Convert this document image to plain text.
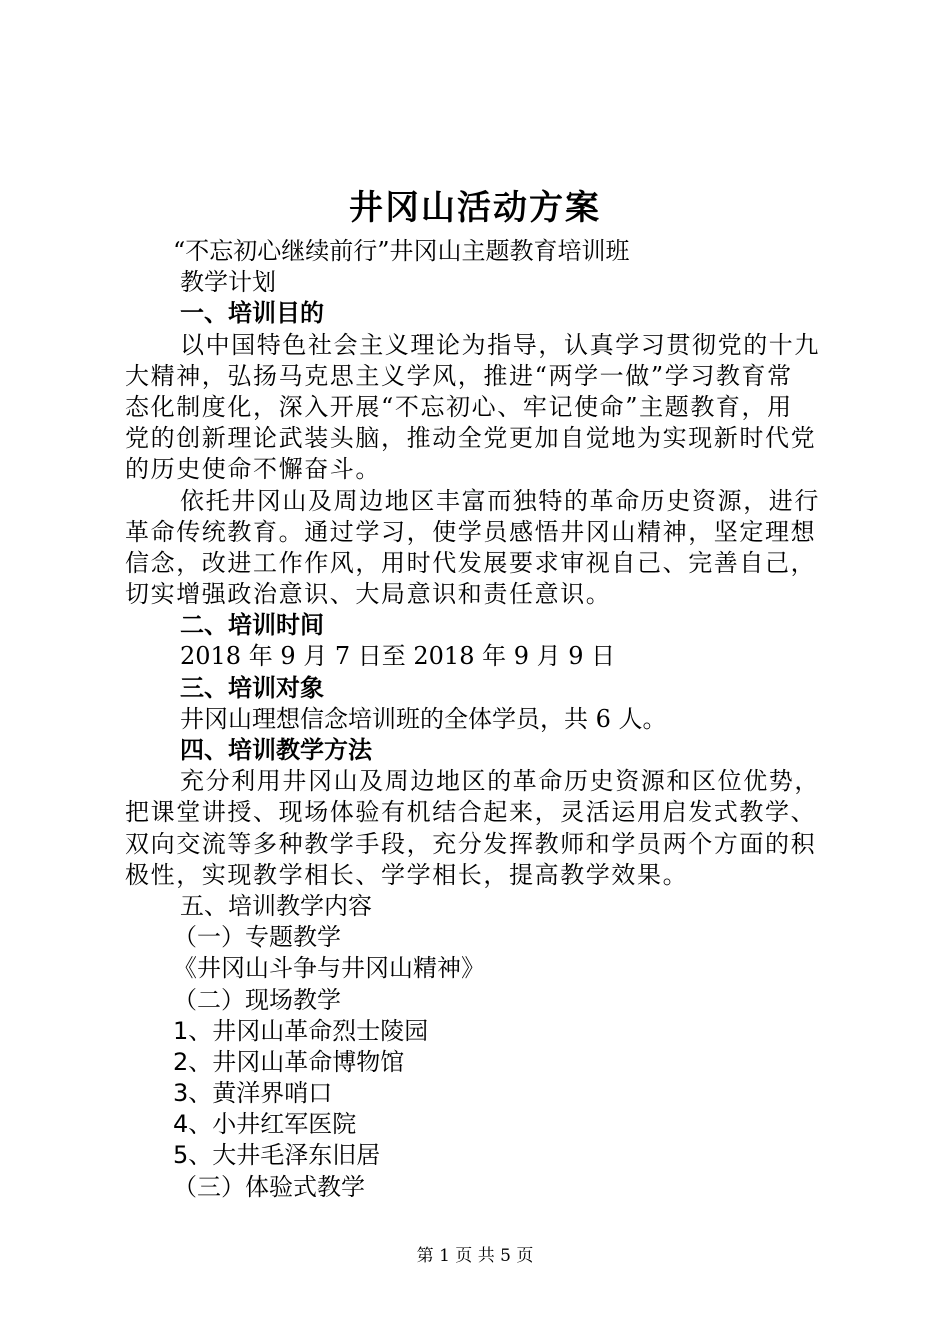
井冈山活动方案
“不忘初心继续前行”井冈山主题教育培训班
教学计划
一、培训目的
以中国特色社会主义理论为指导，认真学习贯彻党的十九
大精神，弘扬马克思主义学风，推进“两学一做”学习教育常
态化制度化，深入开展“不忘初心、牢记使命”主题教育，用
党的创新理论武装头脑，推动全党更加自觉地为实现新时代党
的历史使命不懈奋斗。
依托井冈山及周边地区丰富而独特的革命历史资源，进行
革命传统教育。通过学习，使学员感悟井冈山精神，坚定理想
信念，改进工作作风，用时代发展要求审视自己、完善自己，
切实增强政治意识、大局意识和责任意识。
二、培训时间
2018 年 9 月 7 日至 2018 年 9 月 9 日
三、培训对象
井冈山理想信念培训班的全体学员，共 6 人。
四、培训教学方法
充分利用井冈山及周边地区的革命历史资源和区位优势，
把课堂讲授、现场体验有机结合起来，灵活运用启发式教学、
双向交流等多种教学手段，充分发挥教师和学员两个方面的积
极性，实现教学相长、学学相长，提高教学效果。
五、培训教学内容
（一）专题教学
《井冈山斗争与井冈山精神》
（二）现场教学
1、井冈山革命烈士陵园
2、井冈山革命博物馆
3、黄洋界哨口
4、小井红军医院
5、大井毛泽东旧居
（三）体验式教学
第 1 页 共 5 页
